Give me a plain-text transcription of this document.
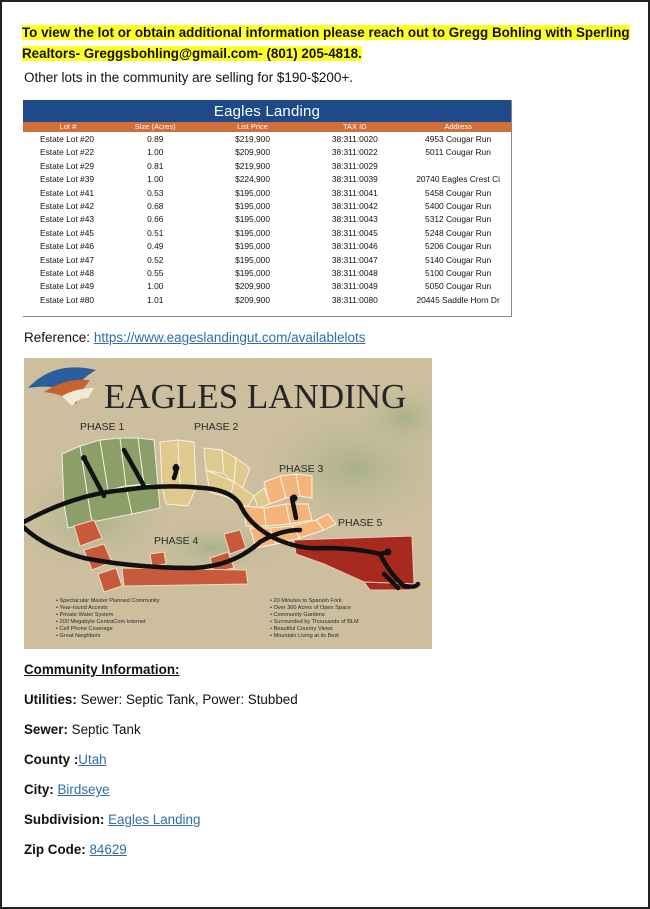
To view the lot or obtain additional information please reach out to Gregg Bohling with Sperling Realtors- Greggsbohling@gmail.com- (801) 205-4818.

Other lots in the community are selling for $190-$200+.

Eagles Landing
Lot #	Size (Acres)	List Price	TAX ID	Address
Estate Lot #20	0.89	$219,900	38:311:0020	4953 Cougar Run
Estate Lot #22	1.00	$209,900	38:311:0022	5011 Cougar Run
Estate Lot #29	0.81	$219,900	38:311:0029
Estate Lot #39	1.00	$224,900	38:311:0039	20740 Eagles Crest Ci
Estate Lot #41	0.53	$195,000	38:311:0041	5458 Cougar Run
Estate Lot #42	0.68	$195,000	38:311:0042	5400 Cougar Run
Estate Lot #43	0.66	$195,000	38:311:0043	5312 Cougar Run
Estate Lot #45	0.51	$195,000	38:311:0045	5248 Cougar Run
Estate Lot #46	0.49	$195,000	38:311:0046	5206 Cougar Run
Estate Lot #47	0.52	$195,000	38:311:0047	5140 Cougar Run
Estate Lot #48	0.55	$195,000	38:311:0048	5100 Cougar Run
Estate Lot #49	1.00	$209,900	38:311:0049	5050 Cougar Run
Estate Lot #80	1.01	$209,900	38:311:0080	20445 Saddle Horn Dr

Reference: https://www.eageslandingut.com/availablelots

EAGLES LANDING
PHASE 1	PHASE 2
PHASE 3
PHASE 4
PHASE 5
• Spectacular Master Planned Community
• Year-round Accests
• Private Water System
• 200 Megabyte CentraCom Internet
• Cell Phone Coverage
• Great Neighbors
• 20 Minutes to Spanish Fork
• Over 300 Acres of Open Space
• Community Gardens
• Surrounded by Thousands of BLM
• Beautiful Country Views
• Mountain Living at its Best

Community Information:

Utilities: Sewer: Septic Tank, Power: Stubbed

Sewer: Septic Tank

County :Utah

City: Birdseye

Subdivision: Eagles Landing

Zip Code: 84629
